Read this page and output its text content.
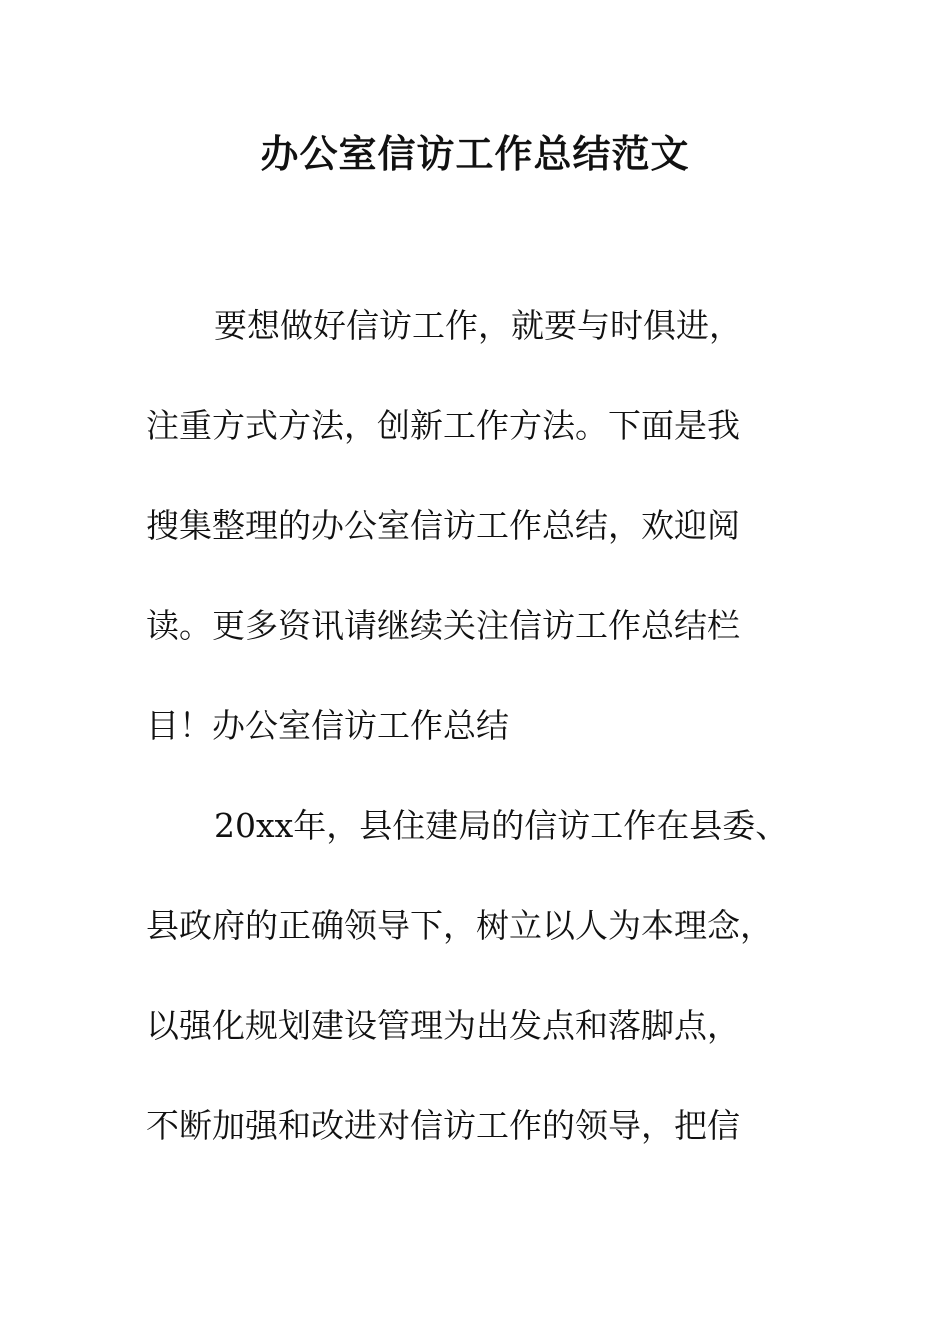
办公室信访工作总结范文
要想做好信访工作，就要与时俱进，
注重方式方法，创新工作方法。下面是我
搜集整理的办公室信访工作总结，欢迎阅
读。更多资讯请继续关注信访工作总结栏
目！办公室信访工作总结
20xx年，县住建局的信访工作在县委、
县政府的正确领导下，树立以人为本理念，
以强化规划建设管理为出发点和落脚点，
不断加强和改进对信访工作的领导，把信
